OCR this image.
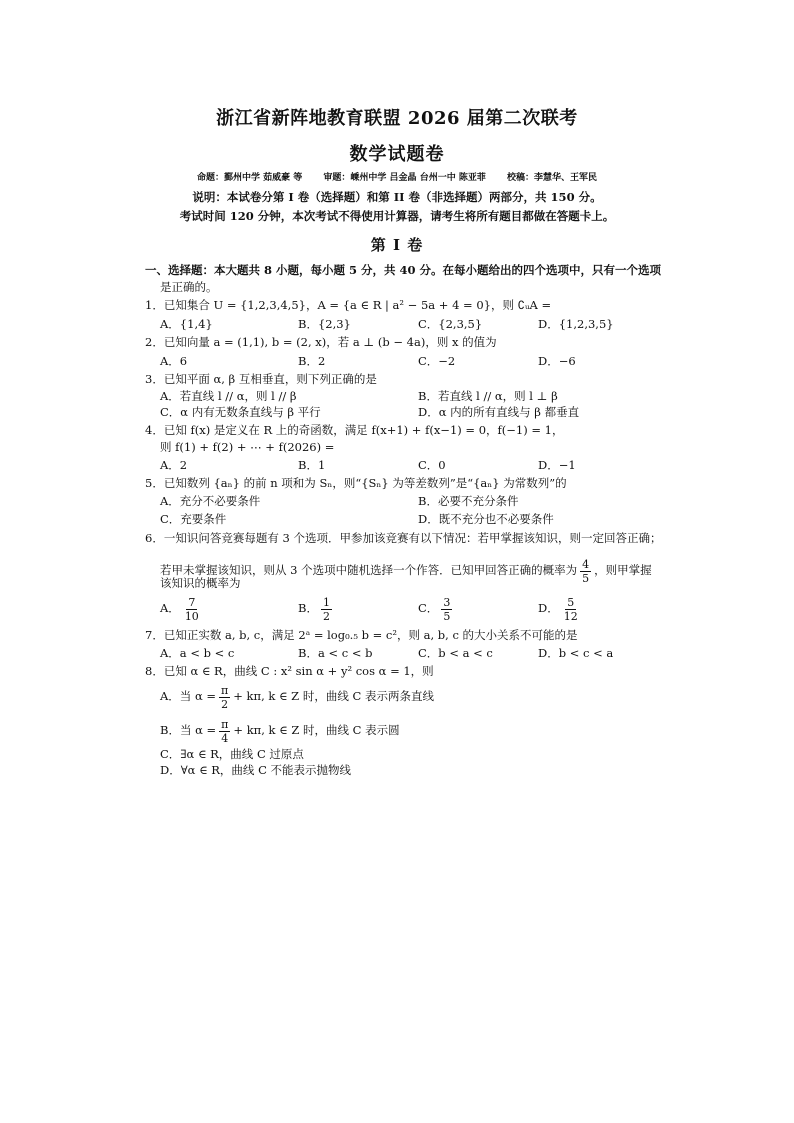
浙江省新阵地教育联盟 2026 届第二次联考
数学试题卷
命题：鄞州中学 茹威豪 等 审题：嵊州中学 吕金晶 台州一中 陈亚菲 校稿：李慧华、王军民
说明：本试卷分第 I 卷（选择题）和第 II 卷（非选择题）两部分，共 150 分。
考试时间 120 分钟，本次考试不得使用计算器，请考生将所有题目都做在答题卡上。
第 I 卷
一、选择题：本大题共 8 小题，每小题 5 分，共 40 分。在每小题给出的四个选项中，只有一个选项
是正确的。
1．已知集合 U = {1,2,3,4,5}，A = {a ∈ R | a² − 5a + 4 = 0}，则 ∁ᵤA =
A．{1,4}	B．{2,3}	C．{2,3,5}	D．{1,2,3,5}
2．已知向量 a = (1,1), b = (2, x)，若 a ⊥ (b − 4a)，则 x 的值为
A．6	B．2	C．−2	D．−6
3．已知平面 α, β 互相垂直，则下列正确的是
A．若直线 l // α，则 l // β	B．若直线 l // α，则 l ⊥ β
C．α 内有无数条直线与 β 平行	D．α 内的所有直线与 β 都垂直
4．已知 f(x) 是定义在 R 上的奇函数，满足 f(x+1) + f(x−1) = 0，f(−1) = 1，
则 f(1) + f(2) + ⋯ + f(2026) =
A．2	B．1	C．0	D．−1
5．已知数列 {aₙ} 的前 n 项和为 Sₙ，则“{Sₙ} 为等差数列”是“{aₙ} 为常数列”的
A．充分不必要条件	B．必要不充分条件
C．充要条件	D．既不充分也不必要条件
6．一知识问答竞赛每题有 3 个选项．甲参加该竞赛有以下情况：若甲掌握该知识，则一定回答正确；
若甲未掌握该知识，则从 3 个选项中随机选择一个作答．已知甲回答正确的概率为 $\frac{4}{5}$ ，则甲掌握
该知识的概率为
A． $\frac{7}{10}$	B． $\frac{1}{2}$	C． $\frac{3}{5}$	D． $\frac{5}{12}$
7．已知正实数 a, b, c，满足 2ᵃ = log₀.₅ b = c²，则 a, b, c 的大小关系不可能的是
A．a < b < c	B．a < c < b	C．b < a < c	D．b < c < a
8．已知 α ∈ R，曲线 C : x² sin α + y² cos α = 1，则
A．当 $\alpha = \frac{\pi}{2} + k\pi$, k ∈ Z 时，曲线 C 表示两条直线
B．当 $\alpha = \frac{\pi}{4} + k\pi$, k ∈ Z 时，曲线 C 表示圆
C．∃α ∈ R，曲线 C 过原点
D．∀α ∈ R，曲线 C 不能表示抛物线
